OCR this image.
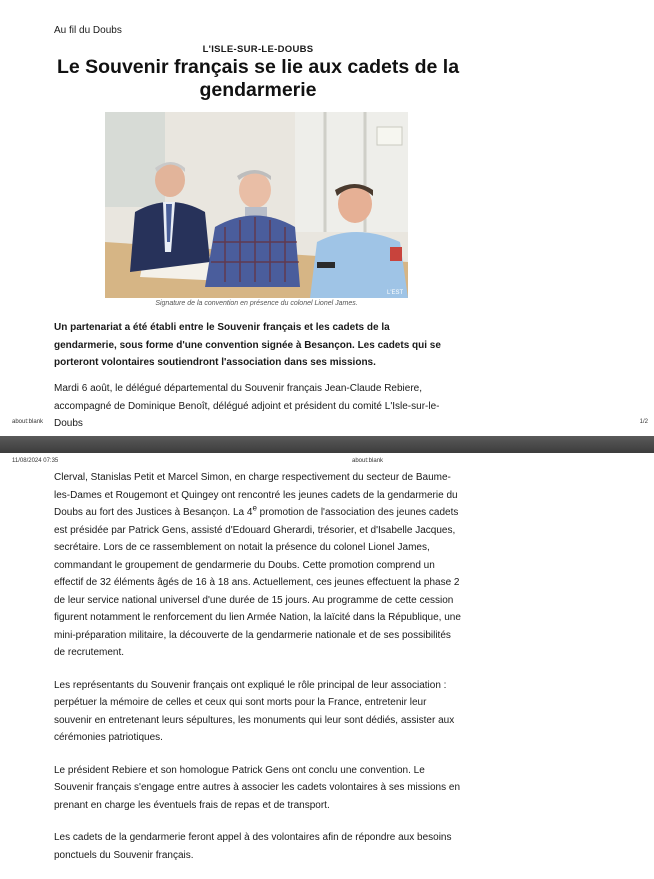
Au fil du Doubs
L'ISLE-SUR-LE-DOUBS
Le Souvenir français se lie aux cadets de la gendarmerie
L'EST
Signature de la convention en présence du colonel Lionel James.
Un partenariat a été établi entre le Souvenir français et les cadets de la gendarmerie, sous forme d'une convention signée à Besançon. Les cadets qui se porteront volontaires soutiendront l'association dans ses missions.
Mardi 6 août, le délégué départemental du Souvenir français Jean-Claude Rebiere, accompagné de Dominique Benoît, délégué adjoint et président du comité L'Isle-sur-le-Doubs
about:blank	1/2
11/08/2024 07:35	about:blank

Clerval, Stanislas Petit et Marcel Simon, en charge respectivement du secteur de Baume-les-Dames et Rougemont et Quingey ont rencontré les jeunes cadets de la gendarmerie du Doubs au fort des Justices à Besançon. La 4e promotion de l'association des jeunes cadets est présidée par Patrick Gens, assisté d'Edouard Gherardi, trésorier, et d'Isabelle Jacques, secrétaire. Lors de ce rassemblement on notait la présence du colonel Lionel James, commandant le groupement de gendarmerie du Doubs. Cette promotion comprend un effectif de 32 éléments âgés de 16 à 18 ans. Actuellement, ces jeunes effectuent la phase 2 de leur service national universel d'une durée de 15 jours. Au programme de cette cession figurent notamment le renforcement du lien Armée Nation, la laïcité dans la République, une mini-préparation militaire, la découverte de la gendarmerie nationale et de ses possibilités de recrutement.

Les représentants du Souvenir français ont expliqué le rôle principal de leur association : perpétuer la mémoire de celles et ceux qui sont morts pour la France, entretenir leur souvenir en entretenant leurs sépultures, les monuments qui leur sont dédiés, assister aux cérémonies patriotiques.

Le président Rebiere et son homologue Patrick Gens ont conclu une convention. Le Souvenir français s'engage entre autres à associer les cadets volontaires à ses missions en prenant en charge les éventuels frais de repas et de transport.

Les cadets de la gendarmerie feront appel à des volontaires afin de répondre aux besoins ponctuels du Souvenir français.
